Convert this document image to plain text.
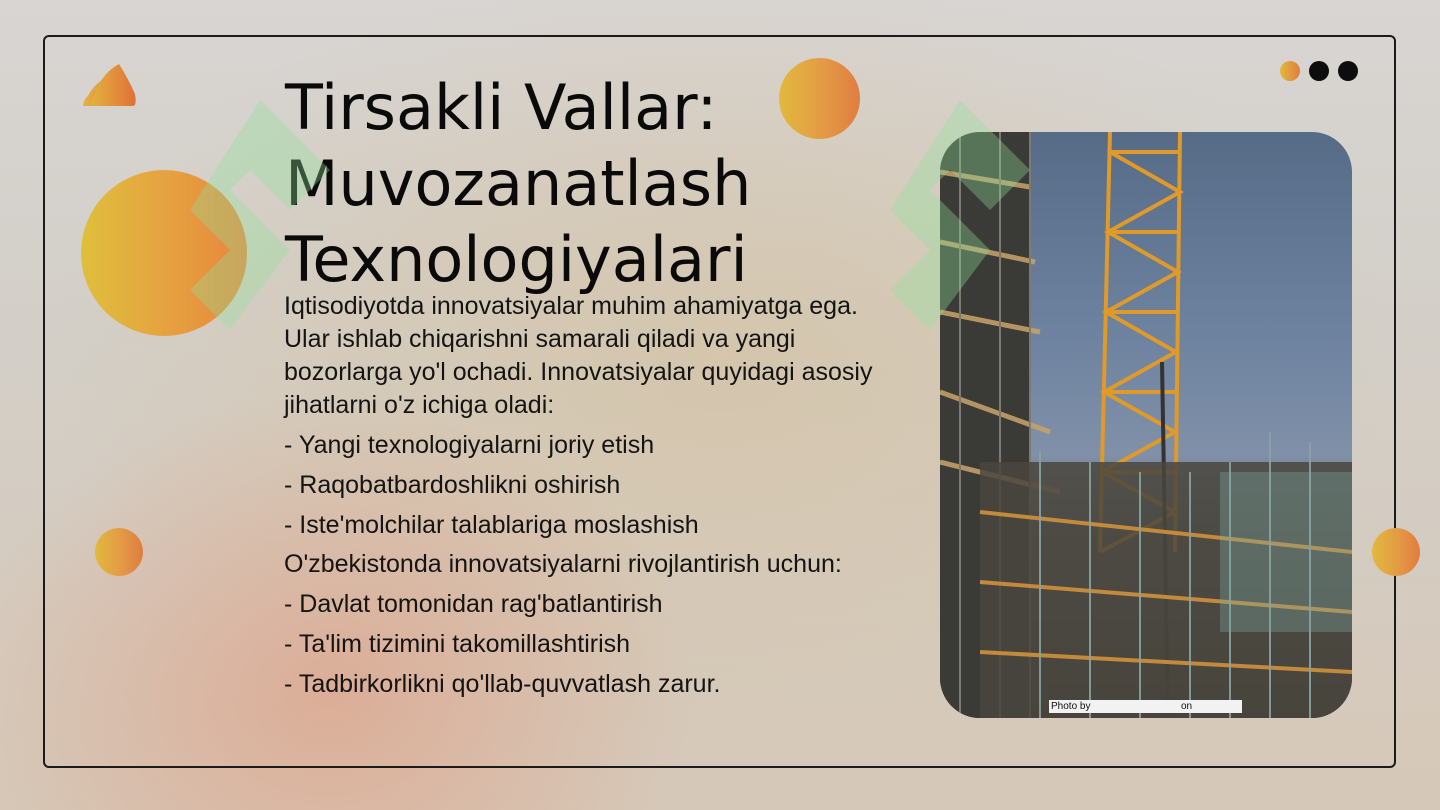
Tirsakli Vallar: Muvozanatlash Texnologiyalari

Iqtisodiyotda innovatsiyalar muhim ahamiyatga ega. Ular ishlab chiqarishni samarali qiladi va yangi bozorlarga yo'l ochadi. Innovatsiyalar quyidagi asosiy jihatlarni o'z ichiga oladi:

- Yangi texnologiyalarni joriy etish

- Raqobatbardoshlikni oshirish

- Iste'molchilar talablariga moslashish

O'zbekistonda innovatsiyalarni rivojlantirish uchun:

- Davlat tomonidan rag'batlantirish

- Ta'lim tizimini takomillashtirish

- Tadbirkorlikni qo'llab-quvvatlash zarur.

Photo by	on
